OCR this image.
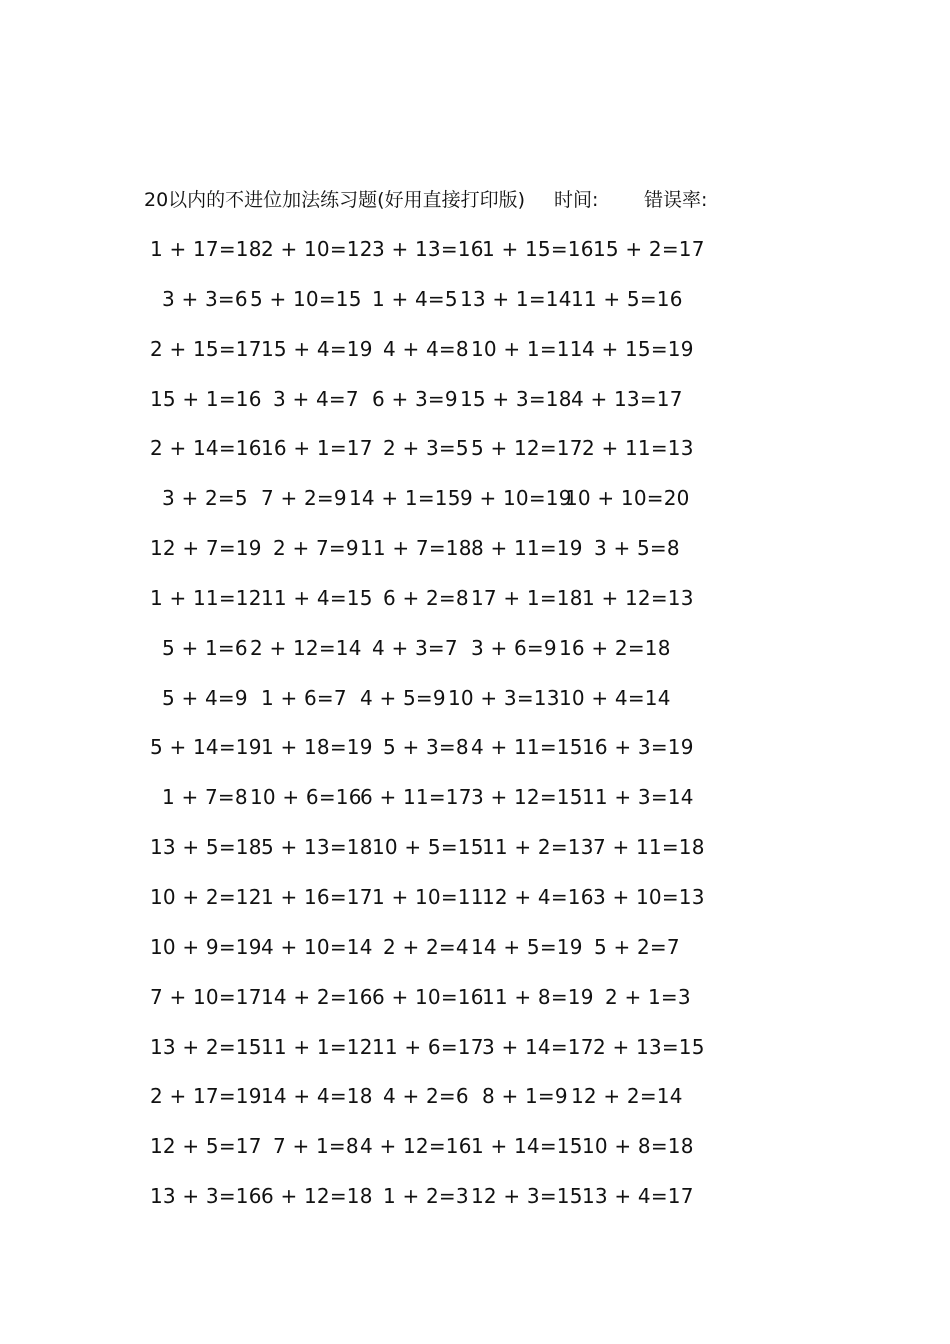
20以内的不进位加法练习题(好用直接打印版) 时间: 错误率:
1 + 17=18 2 + 10=12 3 + 13=16
1 + 15=16 15 + 2=17
3 + 3=6 5 + 10=15 1 + 4=5 13 + 1=14 11 + 5=16
2 + 15=17 15 + 4=19 4 + 4=8 10 + 1=11 4 + 15=19
15 + 1=16 3 + 4=7 6 + 3=9 15 + 3=18 4 + 13=17
2 + 14=16 16 + 1=17 2 + 3=5 5 + 12=17 2 + 11=13
3 + 2=5 7 + 2=9 14 + 1=15 9 + 10=19
10 + 10=20
12 + 7=19 2 + 7=9 11 + 7=18 8 + 11=19 3 + 5=8
1 + 11=12 11 + 4=15 6 + 2=8 17 + 1=18 1 + 12=13
5 + 1=6 2 + 12=14 4 + 3=7 3 + 6=9 16 + 2=18
5 + 4=9 1 + 6=7 4 + 5=9 10 + 3=13 10 + 4=14
5 + 14=19 1 + 18=19 5 + 3=8 4 + 11=15 16 + 3=19
1 + 7=8 10 + 6=16
6 + 11=17 3 + 12=15 11 + 3=14
13 + 5=18 5 + 13=18 10 + 5=15
11 + 2=13 7 + 11=18
10 + 2=12 1 + 16=17 1 + 10=11
12 + 4=16 3 + 10=13
10 + 9=19 4 + 10=14 2 + 2=4 14 + 5=19 5 + 2=7
7 + 10=17 14 + 2=16 6 + 10=16
11 + 8=19 2 + 1=3
13 + 2=15 11 + 1=12 11 + 6=17
3 + 14=17 2 + 13=15
2 + 17=19 14 + 4=18 4 + 2=6 8 + 1=9 12 + 2=14
12 + 5=17 7 + 1=8 4 + 12=16 1 + 14=15 10 + 8=18
13 + 3=16 6 + 12=18 1 + 2=3 12 + 3=15 13 + 4=17
